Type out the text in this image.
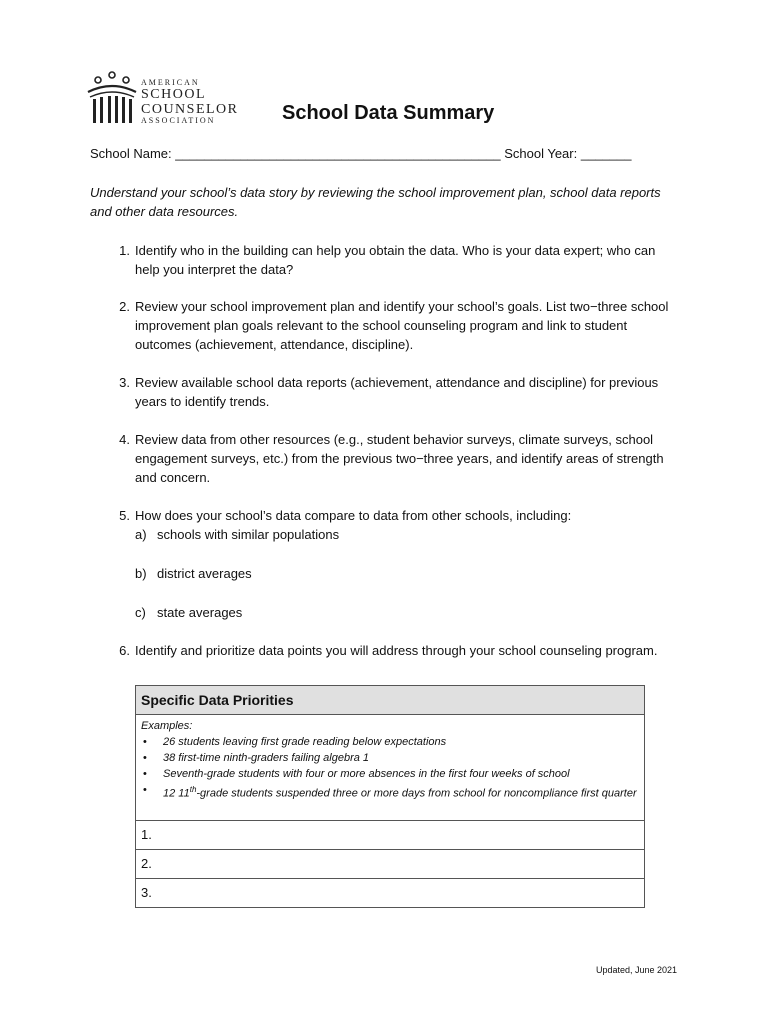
AMERICAN
SCHOOL
COUNSELOR
ASSOCIATION	School Data Summary
School Name: _____________________________________________ School Year: _______

Understand your school’s data story by reviewing the school improvement plan, school data reports and other data resources.

1. Identify who in the building can help you obtain the data. Who is your data expert; who can help you interpret the data?
2. Review your school improvement plan and identify your school’s goals. List two−three school improvement plan goals relevant to the school counseling program and link to student outcomes (achievement, attendance, discipline).
3. Review available school data reports (achievement, attendance and discipline) for previous years to identify trends.
4. Review data from other resources (e.g., student behavior surveys, climate surveys, school engagement surveys, etc.) from the previous two−three years, and identify areas of strength and concern.
5. How does your school’s data compare to data from other schools, including:
a) schools with similar populations
b) district averages
c) state averages
6. Identify and prioritize data points you will address through your school counseling program.
Specific Data Priorities

Examples:
• 26 students leaving first grade reading below expectations
• 38 first-time ninth-graders failing algebra 1
• Seventh-grade students with four or more absences in the first four weeks of school
• 12 11th-grade students suspended three or more days from school for noncompliance first quarter

1.
2.
3.
Updated, June 2021
